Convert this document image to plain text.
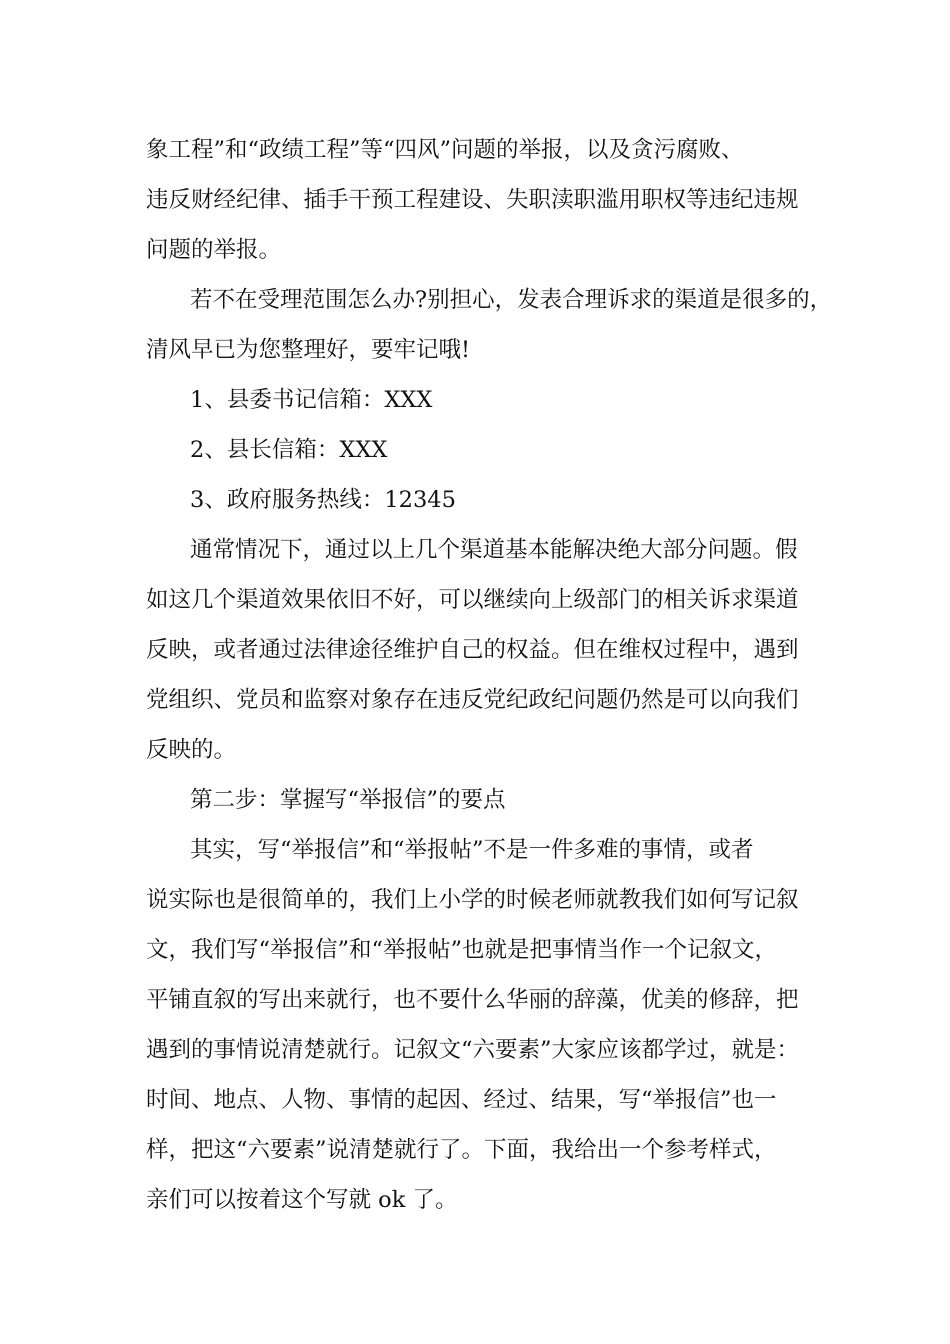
象工程”和“政绩工程”等“四风”问题的举报，以及贪污腐败、
违反财经纪律、插手干预工程建设、失职渎职滥用职权等违纪违规
问题的举报。
若不在受理范围怎么办?别担心，发表合理诉求的渠道是很多的，
清风早已为您整理好，要牢记哦!
1、县委书记信箱：XXX
2、县长信箱：XXX
3、政府服务热线：12345
通常情况下，通过以上几个渠道基本能解决绝大部分问题。假
如这几个渠道效果依旧不好，可以继续向上级部门的相关诉求渠道
反映，或者通过法律途径维护自己的权益。但在维权过程中，遇到
党组织、党员和监察对象存在违反党纪政纪问题仍然是可以向我们
反映的。
第二步：掌握写“举报信”的要点
其实，写“举报信”和“举报帖”不是一件多难的事情，或者
说实际也是很简单的，我们上小学的时候老师就教我们如何写记叙
文，我们写“举报信”和“举报帖”也就是把事情当作一个记叙文，
平铺直叙的写出来就行，也不要什么华丽的辞藻，优美的修辞，把
遇到的事情说清楚就行。记叙文“六要素”大家应该都学过，就是：
时间、地点、人物、事情的起因、经过、结果，写“举报信”也一
样，把这“六要素”说清楚就行了。下面，我给出一个参考样式，
亲们可以按着这个写就 ok 了。
